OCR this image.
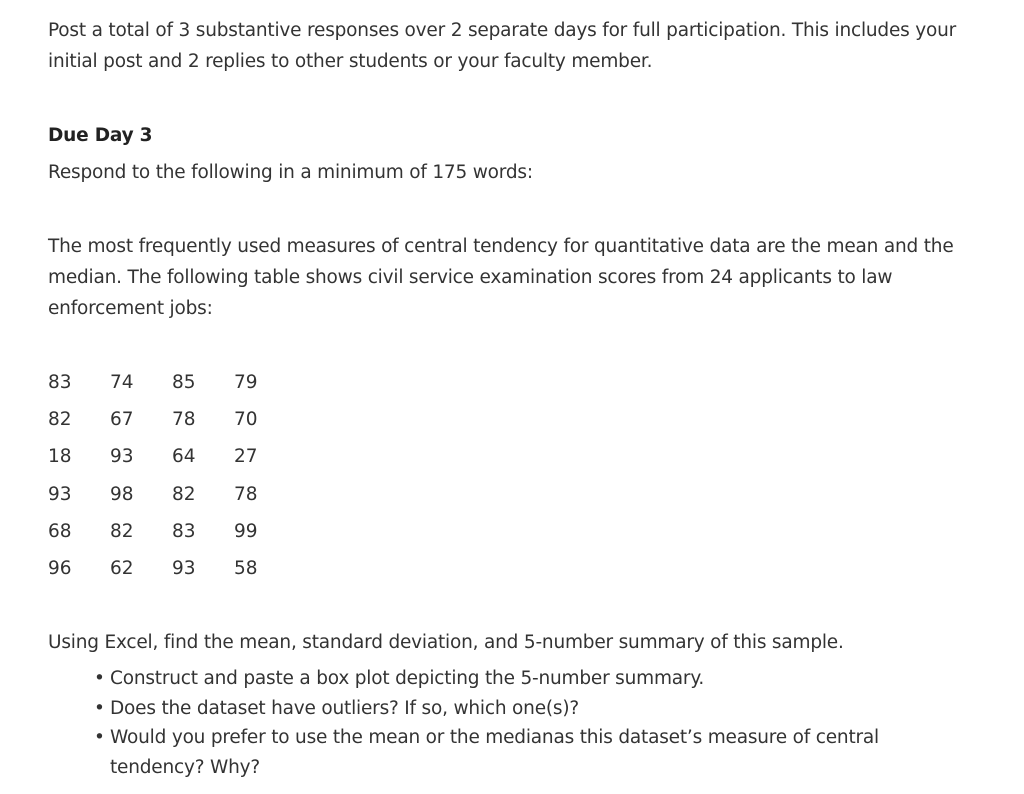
Post a total of 3 substantive responses over 2 separate days for full participation. This includes your initial post and 2 replies to other students or your faculty member.

Due Day 3

Respond to the following in a minimum of 175 words:

The most frequently used measures of central tendency for quantitative data are the mean and the median. The following table shows civil service examination scores from 24 applicants to law enforcement jobs:

83	74	85	79
82	67	78	70
18	93	64	27
93	98	82	78
68	82	83	99
96	62	93	58

Using Excel, find the mean, standard deviation, and 5-number summary of this sample.

• Construct and paste a box plot depicting the 5-number summary.
• Does the dataset have outliers? If so, which one(s)?
• Would you prefer to use the mean or the medianas this dataset’s measure of central tendency? Why?
